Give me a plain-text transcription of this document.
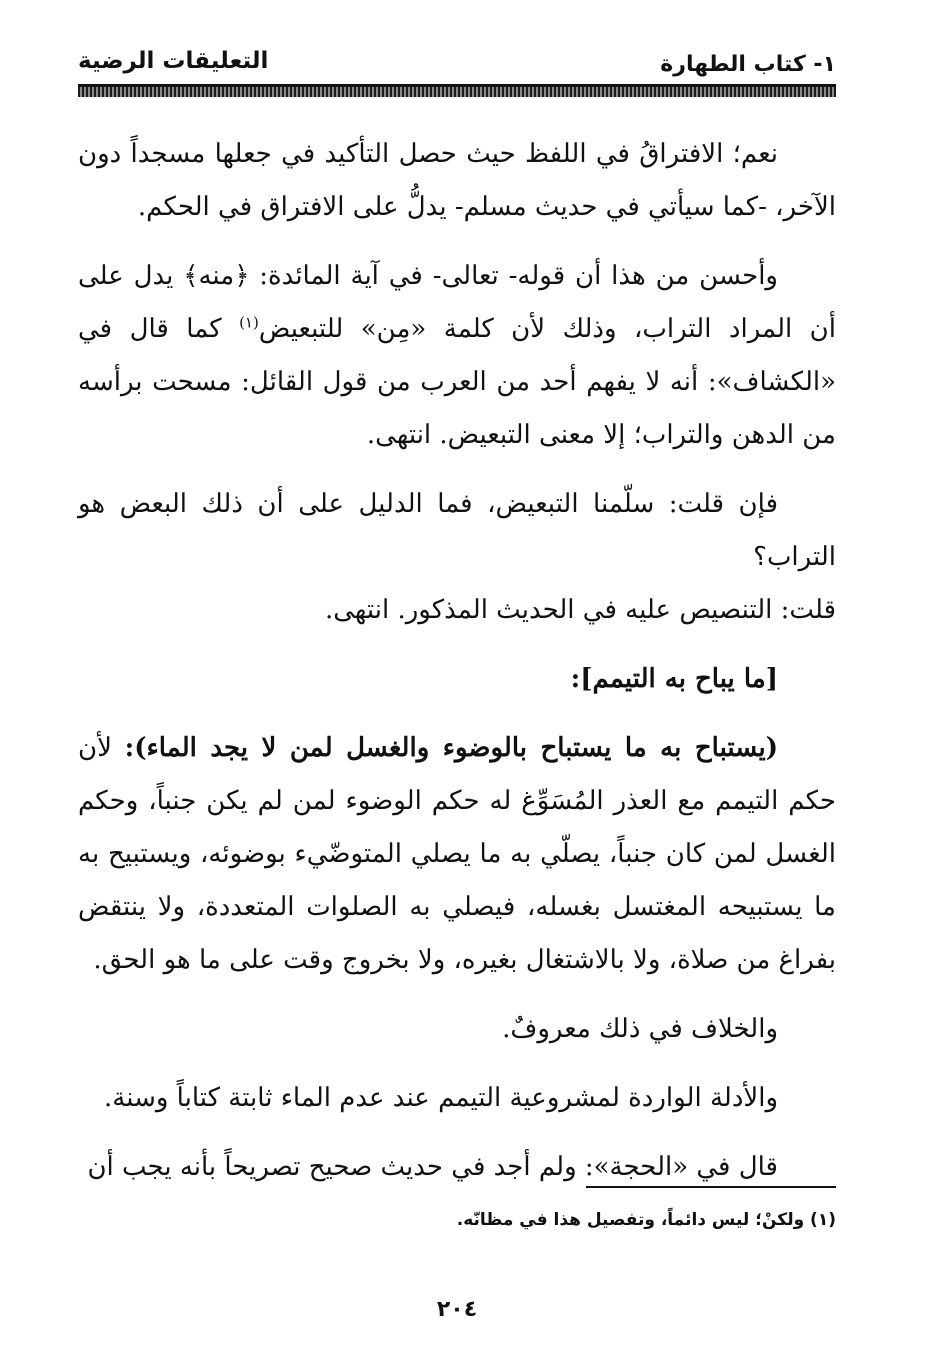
١- كتاب الطهارة
التعليقات الرضية

نعم؛ الافتراقُ في اللفظ حيث حصل التأكيد في جعلها مسجداً دون الآخر، -كما سيأتي في حديث مسلم- يدلُّ على الافتراق في الحكم.

وأحسن من هذا أن قوله- تعالى- في آية المائدة: ﴿منه﴾ يدل على أن المراد التراب، وذلك لأن كلمة «مِن» للتبعيض$^{(١)}$ كما قال في «الكشاف»: أنه لا يفهم أحد من العرب من قول القائل: مسحت برأسه من الدهن والتراب؛ إلا معنى التبعيض. انتهى.

فإن قلت: سلّمنا التبعيض، فما الدليل على أن ذلك البعض هو التراب؟
قلت: التنصيص عليه في الحديث المذكور. انتهى.

[ما يباح به التيمم]:

(يستباح به ما يستباح بالوضوء والغسل لمن لا يجد الماء): لأن حكم التيمم مع العذر المُسَوِّغ له حكم الوضوء لمن لم يكن جنباً، وحكم الغسل لمن كان جنباً، يصلّي به ما يصلي المتوضّيء بوضوئه، ويستبيح به ما يستبيحه المغتسل بغسله، فيصلي به الصلوات المتعددة، ولا ينتقض بفراغ من صلاة، ولا بالاشتغال بغيره، ولا بخروج وقت على ما هو الحق.

والخلاف في ذلك معروفٌ.

والأدلة الواردة لمشروعية التيمم عند عدم الماء ثابتة كتاباً وسنة.

قال في «الحجة»: ولم أجد في حديث صحيح تصريحاً بأنه يجب أن

(١) ولكنْ؛ ليس دائماً، وتفصيل هذا في مظانّه.
٢٠٤
